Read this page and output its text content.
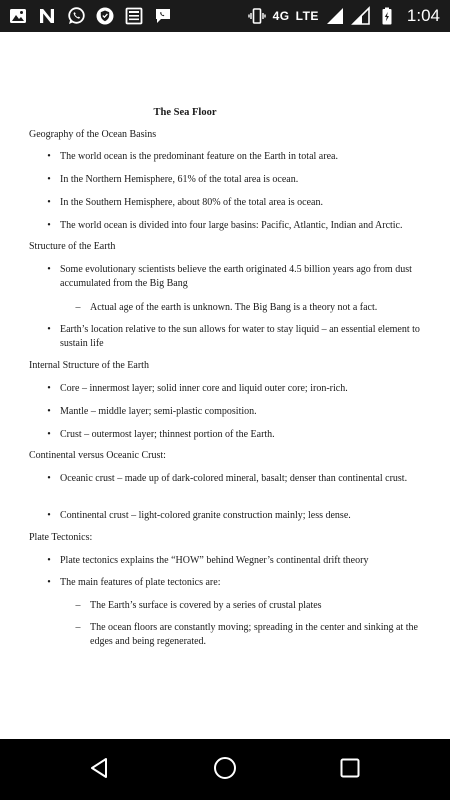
4G LTE	1:04
The Sea Floor
Geography of the Ocean Basins
• The world ocean is the predominant feature on the Earth in total area.
• In the Northern Hemisphere, 61% of the total area is ocean.
• In the Southern Hemisphere, about 80% of the total area is ocean.
• The world ocean is divided into four large basins: Pacific, Atlantic, Indian and Arctic.
Structure of the Earth
• Some evolutionary scientists believe the earth originated 4.5 billion years ago from dust accumulated from the Big Bang
– Actual age of the earth is unknown. The Big Bang is a theory not a fact.
• Earth’s location relative to the sun allows for water to stay liquid – an essential element to sustain life
Internal Structure of the Earth
• Core – innermost layer; solid inner core and liquid outer core; iron-rich.
• Mantle – middle layer; semi-plastic composition.
• Crust – outermost layer; thinnest portion of the Earth.
Continental versus Oceanic Crust:
• Oceanic crust – made up of dark-colored mineral, basalt; denser than continental crust.
• Continental crust – light-colored granite construction mainly; less dense.
Plate Tectonics:
• Plate tectonics explains the “HOW” behind Wegner’s continental drift theory
• The main features of plate tectonics are:
– The Earth’s surface is covered by a series of crustal plates
– The ocean floors are constantly moving; spreading in the center and sinking at the edges and being regenerated.
